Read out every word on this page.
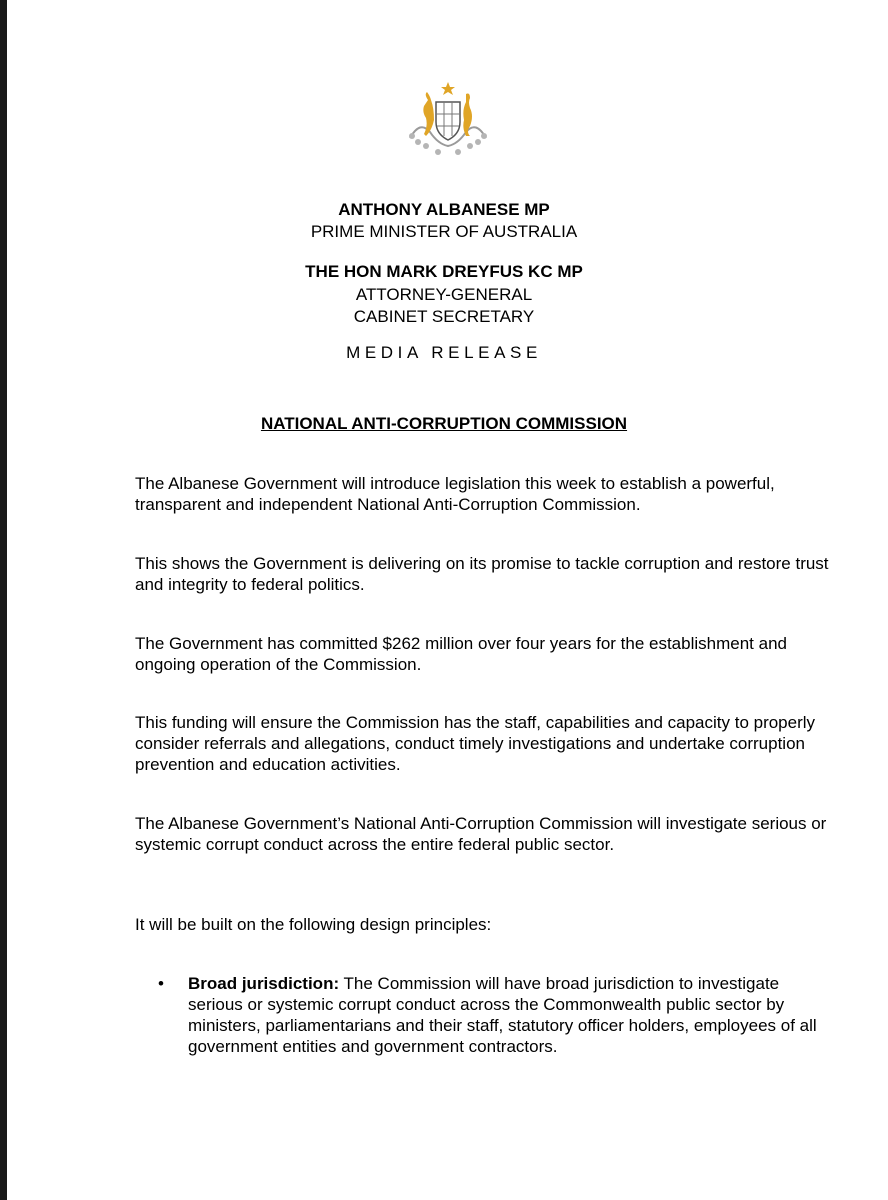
ANTHONY ALBANESE MP
PRIME MINISTER OF AUSTRALIA
THE HON MARK DREYFUS KC MP
ATTORNEY-GENERAL
CABINET SECRETARY
MEDIA RELEASE
NATIONAL ANTI-CORRUPTION COMMISSION

The Albanese Government will introduce legislation this week to establish a powerful, transparent and independent National Anti-Corruption Commission.

This shows the Government is delivering on its promise to tackle corruption and restore trust and integrity to federal politics.

The Government has committed $262 million over four years for the establishment and ongoing operation of the Commission.

This funding will ensure the Commission has the staff, capabilities and capacity to properly consider referrals and allegations, conduct timely investigations and undertake corruption prevention and education activities.

The Albanese Government’s National Anti-Corruption Commission will investigate serious or systemic corrupt conduct across the entire federal public sector.

It will be built on the following design principles:

• Broad jurisdiction: The Commission will have broad jurisdiction to investigate serious or systemic corrupt conduct across the Commonwealth public sector by ministers, parliamentarians and their staff, statutory officer holders, employees of all government entities and government contractors.
